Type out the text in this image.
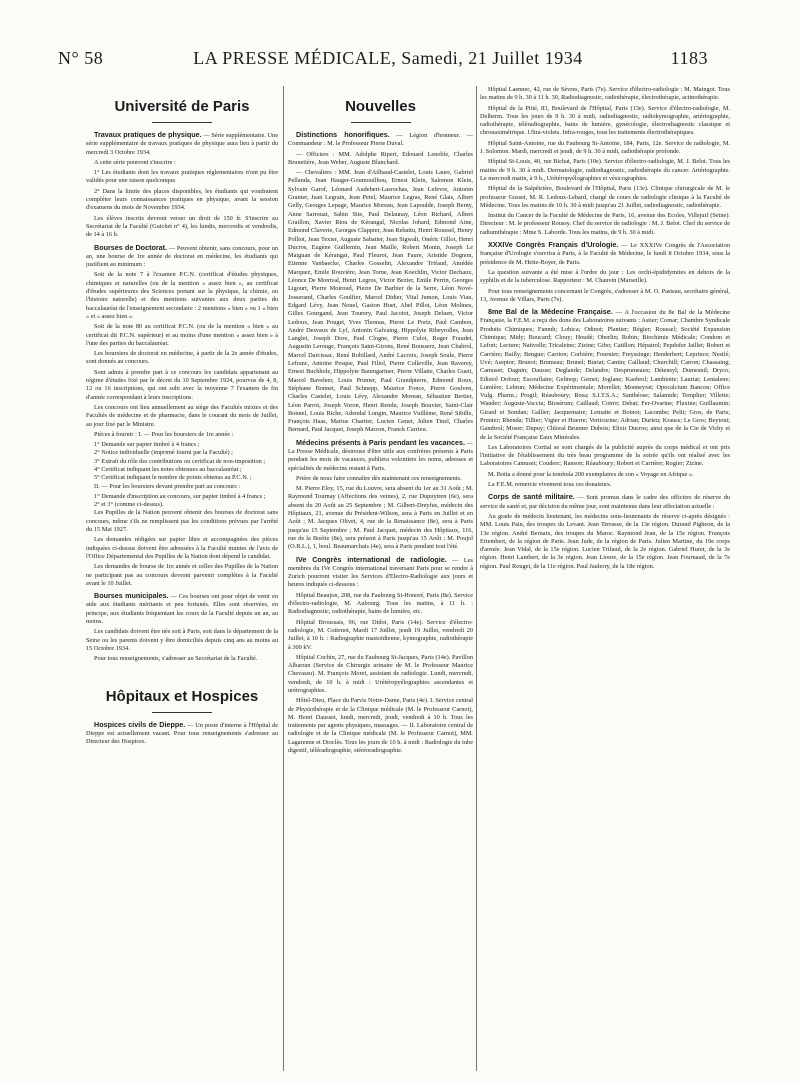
N° 58	LA PRESSE MÉDICALE, Samedi, 21 Juillet 1934	1183
Université de Paris

Travaux pratiques de physique. — Série supplémentaire. Une série supplémentaire de travaux pratiques de physique aura lieu à partir du mercredi 3 Octobre 1934.

A cette série pourront s'inscrire :

1° Les étudiants dont les travaux pratiques réglementaires n'ont pu être validés pour une raison quelconque.

2° Dans la limite des places disponibles, les étudiants qui voudraient compléter leurs connaissances pratiques en physique, avant la session d'examens du mois de Novembre 1934.

Les élèves inscrits devront verser un droit de 150 fr. S'inscrire au Secrétariat de la Faculté (Guichet n° 4), les lundis, mercredis et vendredis, de 14 à 16 h.

Bourses de Doctorat. — Peuvent obtenir, sans concours, pour un an, une bourse de 1re année de doctorat en médecine, les étudiants qui justifient au minimum :

Soit de la note 7 à l'examen P.C.N. (certificat d'études physiques, chimiques et naturelles (ou de la mention « assez bien », au certificat d'études supérieures des Sciences portant sur la physique, la chimie, ou l'histoire naturelle) et des mentions suivantes aux deux parties du baccalauréat de l'enseignement secondaire : 2 mentions « bien » ou 1 « bien » et « assez bien ».

Soit de la note 80 au certificat P.C.N. (ou de la mention « bien » au certificat dit P.C.N. supérieur) et au moins d'une mention « assez bien » à l'une des parties du baccalauréat.

Les boursiers de doctorat en médecine, à partir de la 2e année d'études, sont donnés au concours.

Sont admis à prendre part à ce concours les candidats appartenant au régime d'études fixé par le décret du 10 Septembre 1924, pourvus de 4, 8, 12 ou 16 inscriptions, qui ont subi avec la moyenne 7 l'examen de fin d'année correspondant à leurs inscriptions.

Les concours ont lieu annuellement au siège des Facultés mixtes et des Facultés de médecine et de pharmacie, dans le courant du mois de Juillet, au jour fixé par le Ministre.

Pièces à fournir : I. — Pour les boursiers de 1re année :

1° Demande sur papier timbré à 4 francs ;
2° Notice individuelle (imprimé fourni par la Faculté) ;
3° Extrait du rôle des contributions ou certificat de non-imposition ;
4° Certificat indiquant les notes obtenues au baccalauréat ;
5° Certificat indiquant le nombre de points obtenus au P.C.N. ;

II. — Pour les boursiers devant prendre part au concours :

1° Demande d'inscription au concours, sur papier timbré à 4 francs ;
2° et 3° (comme ci-dessus).

Les Pupilles de la Nation peuvent obtenir des bourses de doctorat sans concours, même s'ils ne remplissent pas les conditions prévues par l'arrêté du 15 Mai 1927.

Les demandes rédigées sur papier libre et accompagnées des pièces indiquées ci-dessus doivent être adressées à la Faculté munies de l'avis de l'Office Départemental des Pupilles de la Nation dont dépend le candidat.

Les demandes de bourse de 1re année et celles des Pupilles de la Nation ne participant pas au concours devront parvenir complètes à la Faculté avant le 10 Juillet.

Bourses municipales. — Ces bourses ont pour objet de venir en aide aux étudiants méritants et peu fortunés. Elles sont réservées, en principe, aux étudiants fréquentant les cours de la Faculté depuis un an, au moins.

Les candidats doivent être nés soit à Paris, soit dans le département de la Seine ou les parents doivent y être domiciliés depuis cinq ans au moins au 15 Octobre 1934.

Pour tous renseignements, s'adresser au Secrétariat de la Faculté.

Hôpitaux et Hospices

Hospices civils de Dieppe. — Un poste d'interne à l'Hôpital de Dieppe est actuellement vacant. Pour tous renseignements s'adresser au Directeur des Hospices.

Nouvelles

Distinctions honorifiques. — Légion d'honneur. — Commandeur : M. le Professeur Pierre Duval.

— Officiers : MM. Adolphe Ripert, Edouard Lenoble, Charles Brunetière, Jean Weber, Auguste Blanchard.

— Chevaliers : MM. Jean d'Ailhaud-Castelet, Louis Laure, Gabriel Pellanda, Jean Hauger-Goumouilhou, Ernest Klein, Salomon Klein, Sylvain Garof, Léonard Audebert-Lasrochas, Jean Lefevre, Antonin Granier, Jean Legrain, Jean Petel, Maurice Legras, René Glais, Albert Gelly, Georges Lepage, Maurice Moreau, Jean Lapoulde, Joseph Berny, Anne Sarrouat, Sabin Site, Paul Delaunay, Léon Richard, Albert Graillon, Xavier Riou de Kérangal, Nicolas Jobard, Edmond Aine, Edmond Claverie, Georges Clappier, Jean Rebattu, Henri Roussel, Henry Polliot, Jean Texier, Auguste Sabatier, Jean Sigwalt, Onéric Gillot, Henri Ducros, Eugène Guillemin, Jean Maille, Robert Monin, Joseph Le Maiguan de Kérangat, Paul Fleurot, Jean Faure, Aristide Dognon, Etienne Vanbaecke, Charles Gosselin, Alexandre Trifaud, Amédée Marquez, Emile Rouvière, Jean Torne, Jean Koechlin, Victor Dechaux, Léonce De Montval, Henri Legros, Victor Bezier, Emile Perrin, Georges Ligourt, Pierre Moiroud, Pierre De Barbier de la Serre, Léon Nové-Josserand, Charles Goulfier, Marcel Didier, Vital Jumon, Louis Viau, Edgard Lévy, Jean Nouel, Gaston Huet, Abel Pillot, Léon Molines, Gilles Gourgand, Jean Tourery, Paul Jacotot, Joseph Deluen, Victor Ledoux, Jean Pouget, Yves Thomas, Pierre Le Portz, Paul Cambon, André Desvaux de Lyf, Antonin Galvaing, Hippolyte Ribeyrolles, Jean Langlet, Joseph Dore, Paul Clogne, Pierre Culot, Roger Fraudet, Augustin Lerouge, François Saint-Girons, René Bousserz, Jean Chabrol, Marcel Darcissac, René Robillard, André Lacroix, Joseph Soule, Pierre Lefranc, Antoine Pesque, Paul Filiol, Pierre Colleville, Jean Raverey, Ernest Buchholz, Hippolyte Baumgartner, Pierre Villatte, Charles Gueit, Marcel Baveleer, Louis Prunier, Paul Grandpierre, Edmond Roux, Stéphane Bonnet, Paul Schnepp, Maurice Fonce, Pierre Goulven, Charles Castelet, Louis Lévy, Alexandre Morean, Sébastien Bertier, Léon Parrot, Joseph Voron, Henri Rendu, Joseph Bouvier, Saint-Clair Bonnel, Louis Riche, Adendal Longin, Maurice Vuillème, René Sibille, François Haas, Marius Chartier, Lucien Genet, Julien Tinel, Charles Bernard, Paul Jacquet, Joseph Macron, Franck Carrieu.

Médecins présents à Paris pendant les vacances. — La Presse Médicale, désireuse d'être utile aux confrères présents à Paris pendant les mois de vacances, publiera volontiers les noms, adresses et spécialités de médecins restant à Paris.

Prière de nous faire connaître dès maintenant ces renseignements.

M. Pierre Eloy, 15, rue du Louvre, sera absent du 1er au 31 Août ; M. Raymond Tournay (Affections des veines), 2, rue Dupuytren (6e), sera absent du 20 Août au 25 Septembre ; M. Gilbert-Dreyfus, médecin des Hôpitaux, 21, avenue du Président-Wilson, sera à Paris en Juillet et en Août ; M. Jacques Olivet, 4, rue de la Renaissance (8e), sera à Paris jusqu'au 15 Septembre ; M. Paul Jacquet, médecin des Hôpitaux, 116, rue de la Boétie (8e), sera présent à Paris jusqu'au 15 Août ; M. Poujol (O.R.L.), 1, boul. Beaumarchais (4e), sera à Paris pendant tout l'été.

IVe Congrès international de radiologie. — Les membres du IVe Congrès international traversant Paris pour se rendre à Zurich pourront visiter les Services d'Electro-Radiologie aux jours et heures indiqués ci-dessous :

Hôpital Beaujon, 208, rue du Faubourg St-Honoré, Paris (8e). Service d'électro-radiologie, M. Aubourg. Tous les matins, à 11 h. : Radiodiagnostic, radiothérapie, bains de lumière, etc.

Hôpital Broussais, 96, rue Didot, Paris (14e). Service d'électro-radiologie, M. Cottenot, Mardi 17 Juillet, jeudi 19 Juillet, vendredi 20 Juillet, à 10 h. : Radiographie mastoïdienne, kymographie, radiothérapie à 300 kV.

Hôpital Cochin, 27, rue du Faubourg St-Jacques, Paris (14e). Pavillon Albarran (Service de Chirurgie urinaire de M. le Professeur Maurice Chevassu). M. François Moret, assistant de radiologie. Lundi, mercredi, vendredi, de 10 h. à midi : Urétéropyélographies ascendantes et urétrographies.

Hôtel-Dieu, Place du Parvis Notre-Dame, Paris (4e). I. Service central de Physiothérapie et de la Clinique médicale (M. le Professeur Carnot), M. Henri Dausset, lundi, mercredi, jeudi, vendredi à 10 h. Tous les traitements par agents physiques, massages. — II. Laboratoire central de radiologie et de la Clinique médicale (M. le Professeur Carnot), MM. Lagarenne et Dioclès. Tous les jours de 10 h. à midi : Radiologie du tube digestif, téléradiographie, stéréoradiographie.

Hôpital Laennec, 42, rue de Sèvres, Paris (7e). Service d'électro-radiologie : M. Maingot. Tous les matins de 9 h. 30 à 11 h. 30, Radiodiagnostic, radiothérapie, électrothérapie, actinothérapie.

Hôpital de la Pitié, 83, Boulevard de l'Hôpital, Paris (13e). Service d'électro-radiologie, M. Delherm. Tous les jours de 9 h. 30 à midi, radiodiagnostic, radiokymographie, artériographie, radiothérapie, téléradiographie, bains de lumière, gynécologie, électrodiagnostic classique et chronaximétrique. Ultra-violets. Infra-rouges, tous les traitements électrothérapiques.

Hôpital Saint-Antoine, rue du Faubourg St-Antoine, 184, Paris, 12e. Service de radiologie, M. J. Solomon. Mardi, mercredi et jeudi, de 9 h. 30 à midi, radiothérapie profonde.

Hôpital St-Louis, 40, rue Bichat, Paris (10e). Service d'électro-radiologie, M. J. Belot. Tous les matins de 9 h. 30 à midi. Dermatologie, radiodiagnostic, radiothérapie du cancer. Artériographie. Le mercredi matin, à 9 h., Urétéropyélographies et vésicographies.

Hôpital de la Salpêtrière, Boulevard de l'Hôpital, Paris (13e). Clinique chirurgicale de M. le professeur Gosset, M. R. Ledoux-Lebard, chargé de cours de radiologie clinique à la Faculté de Médecine. Tous les matins de 10 h. 30 à midi jusqu'au 21 Juillet, radiodiagnostic, radiothérapie.

Institut du Cancer de la Faculté de Médecine de Paris, 16, avenue des Ecoles, Villejuif (Seine). Directeur : M. le professeur Roussy. Chef du service de radiologie : M. J. Belot. Chef du service de radiumthérapie : Mme S. Laborde. Tous les matins, de 9 h. 30 à midi.

XXXIVe Congrès Français d'Urologie. — Le XXXIVe Congrès de l'Association française d'Urologie s'ouvrira à Paris, à la Faculté de Médecine, le lundi 8 Octobre 1934, sous la présidence de M. Heitz-Boyer, de Paris.

La question suivante a été mise à l'ordre du jour : Les orchi-épididymites en dehors de la syphilis et de la tuberculose. Rapporteur : M. Chauvin (Marseille).

Pour tous renseignements concernant le Congrès, s'adresser à M. O. Pasteau, secrétaire général, 13, Avenue de Villars, Paris (7e).

8me Bal de la Médecine Française. — A l'occasion du 8e Bal de la Médecine Française, la F.E.M. a reçu des dons des Laboratoires suivants : Astier; Comar; Chambre Syndicale Produits Chimiques; Fanmh; Lobica; Odinot; Plantier; Régier; Roussel; Société Expansion Chimique; Midy; Boucard; Clouy; Houdé; Oberlin; Robin; Biochimie Médicale; Condom et Lefort; Lecture; Nativelle; Tricaleine; Zizine; Gibo; Catillon; Hépatrol; Pepdofer Jaillet; Robert et Carrière; Bailly; Bengue; Carrion; Corbière; Fournier; Freyssinge; Henderbert; Leprince; Nestlé; Uvé; Aseptor; Brunot; Brumeau; Brunel; Buriat; Cantin; Caillaud; Churchill; Carron; Chassaing; Camuset; Dagnin; Dausse; Deglande; Delandre; Desprumeaux; Détensyl; Dumesnil; Dryco; Edistol Dofour; Escouflaire; Gelinop; Gemet; Joglane; Kaobrol; Lambiotte; Lauriat; Lentalene; Lumière; Lebrun; Médecine Expérimentale; Morellet; Monneyrat; Opocalcium Bancon; Office Vulg. Pharm.; Progil; Réauboury; Rosa; S.I.T.S.A.; Santhéose; Salamide; Templier; Villette; Wander; Auguste-Vacciu; Biosérum; Caillaud; Coirre; Debat; Fer-Ovarine; Fluxine; Guillaumin; Girard et Sondan; Gallier; Jacquemaire; Lematte et Boinot; Lacombe; Pelit; Gros, de Paris; Prunier; Rhenda; Tillier; Vigier et Huerre; Verticurine; Adrian; Durieu; Krauss; Le Gros; Beytout; Gambrol; Moser; Dupuy; Chloral Brunner Dubois; Elixir Ducros; ainsi que de la Cie de Vichy et de la Société Française Eaux Minérales.

Les Laboratoires Cortial se sont chargés de la publicité auprès du corps médical et ont pris l'initiative de l'établissement du très beau programme de la soirée qu'ils ont réalisé avec les Laboratoires Camuset; Couderc; Ranson; Réauboury; Robert et Carrière; Rogier; Zizine.

M. Botta a donné pour la tombola 200 exemplaires de son « Voyage en Afrique ».

La F.E.M. remercie vivement tous ces donateurs.

Corps de santé militaire. — Sont promus dans le cadre des officiers de réserve du service de santé et, par décision du même jour, sont maintenus dans leur affectation actuelle :

Au grade de médecin lieutenant, les médecins sous-lieutenants de réserve ci-après désignés : MM. Louis Pain, des troupes du Levant. Jean Terrasse, de la 13e région. Durand Pigheon, de la 13e région. André Bernaix, des troupes du Maroc. Raymond Jean, de la 15e région. François Ertembert, de la région de Paris. Jean Jude, de la région de Paris. Julien Martine, du 19e corps d'armée. Jean Vidal, de la 15e région. Lucien Trifaud, de la 2e région. Gabriel Huret, de la 3e région. Henri Lambert, de la 3e région. Jean Lioure, de la 15e région. Jean Fournaud, de la 7e région. Paul Rouget, de la 11e région. Paul Jaulerry, de la 18e région.
